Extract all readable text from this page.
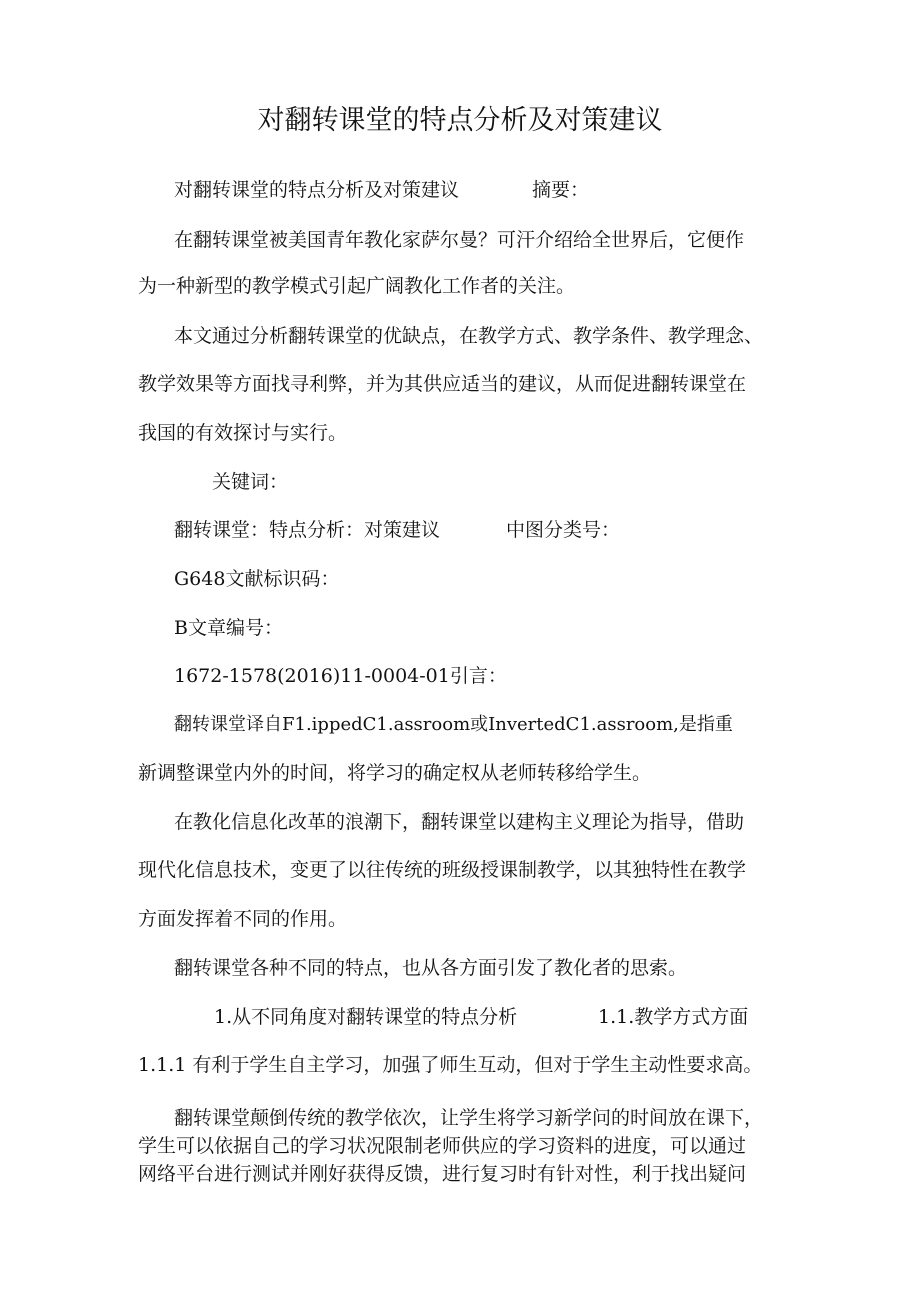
对翻转课堂的特点分析及对策建议
对翻转课堂的特点分析及对策建议	摘要：
在翻转课堂被美国青年教化家萨尔曼？可汗介绍给全世界后，它便作
为一种新型的教学模式引起广阔教化工作者的关注。
本文通过分析翻转课堂的优缺点，在教学方式、教学条件、教学理念、
教学效果等方面找寻利弊，并为其供应适当的建议，从而促进翻转课堂在
我国的有效探讨与实行。
关键词：
翻转课堂：特点分析：对策建议	中图分类号：
G648文献标识码：
B文章编号：
1672-1578(2016)11-0004-01引言：
翻转课堂译自F1.ippedC1.assroom或InvertedC1.assroom,是指重
新调整课堂内外的时间，将学习的确定权从老师转移给学生。
在教化信息化改革的浪潮下，翻转课堂以建构主义理论为指导，借助
现代化信息技术，变更了以往传统的班级授课制教学，以其独特性在教学
方面发挥着不同的作用。
翻转课堂各种不同的特点，也从各方面引发了教化者的思索。
1.从不同角度对翻转课堂的特点分析	1.1.教学方式方面
1.1.1 有利于学生自主学习，加强了师生互动，但对于学生主动性要求高。
翻转课堂颠倒传统的教学依次，让学生将学习新学问的时间放在课下，
学生可以依据自己的学习状况限制老师供应的学习资料的进度，可以通过
网络平台进行测试并刚好获得反馈，进行复习时有针对性，利于找出疑问
